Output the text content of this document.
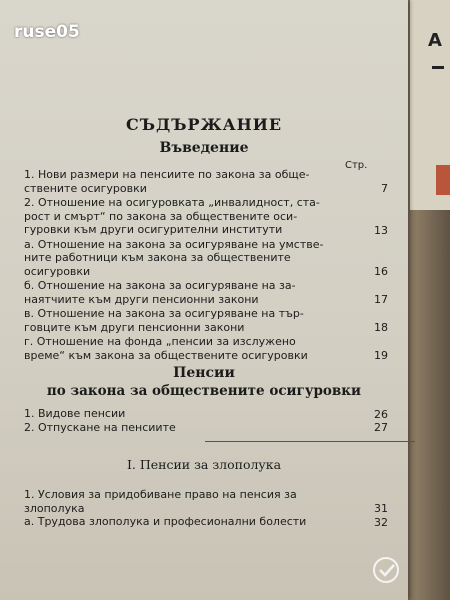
А
ruse05
СЪДЪРЖАНИЕ
Въведение
Стр.
1. Нови размери на пенсиите по закона за обще-
ствените осигуровки	7
2. Отношение на осигуровката „инвалидност, ста-
рост и смърт“ по закона за обществените оси-
гуровки към други осигурителни институти	13
а. Отношение на закона за осигуряване на умстве-
ните работници към закона за обществените
осигуровки	16
б. Отношение на закона за осигуряване на за-
наятчиите към други пенсионни закони	17
в. Отношение на закона за осигуряване на тър-
говците към други пенсионни закони	18
г. Отношение на фонда „пенсии за изслужено
време“ към закона за обществените осигуровки	19
Пенсии
по закона за обществените осигуровки
1. Видове пенсии	26
2. Отпускане на пенсиите	27
I. Пенсии за злополука
1. Условия за придобиване право на пенсия за
злополука	31
а. Трудова злополука и професионални болести	32
